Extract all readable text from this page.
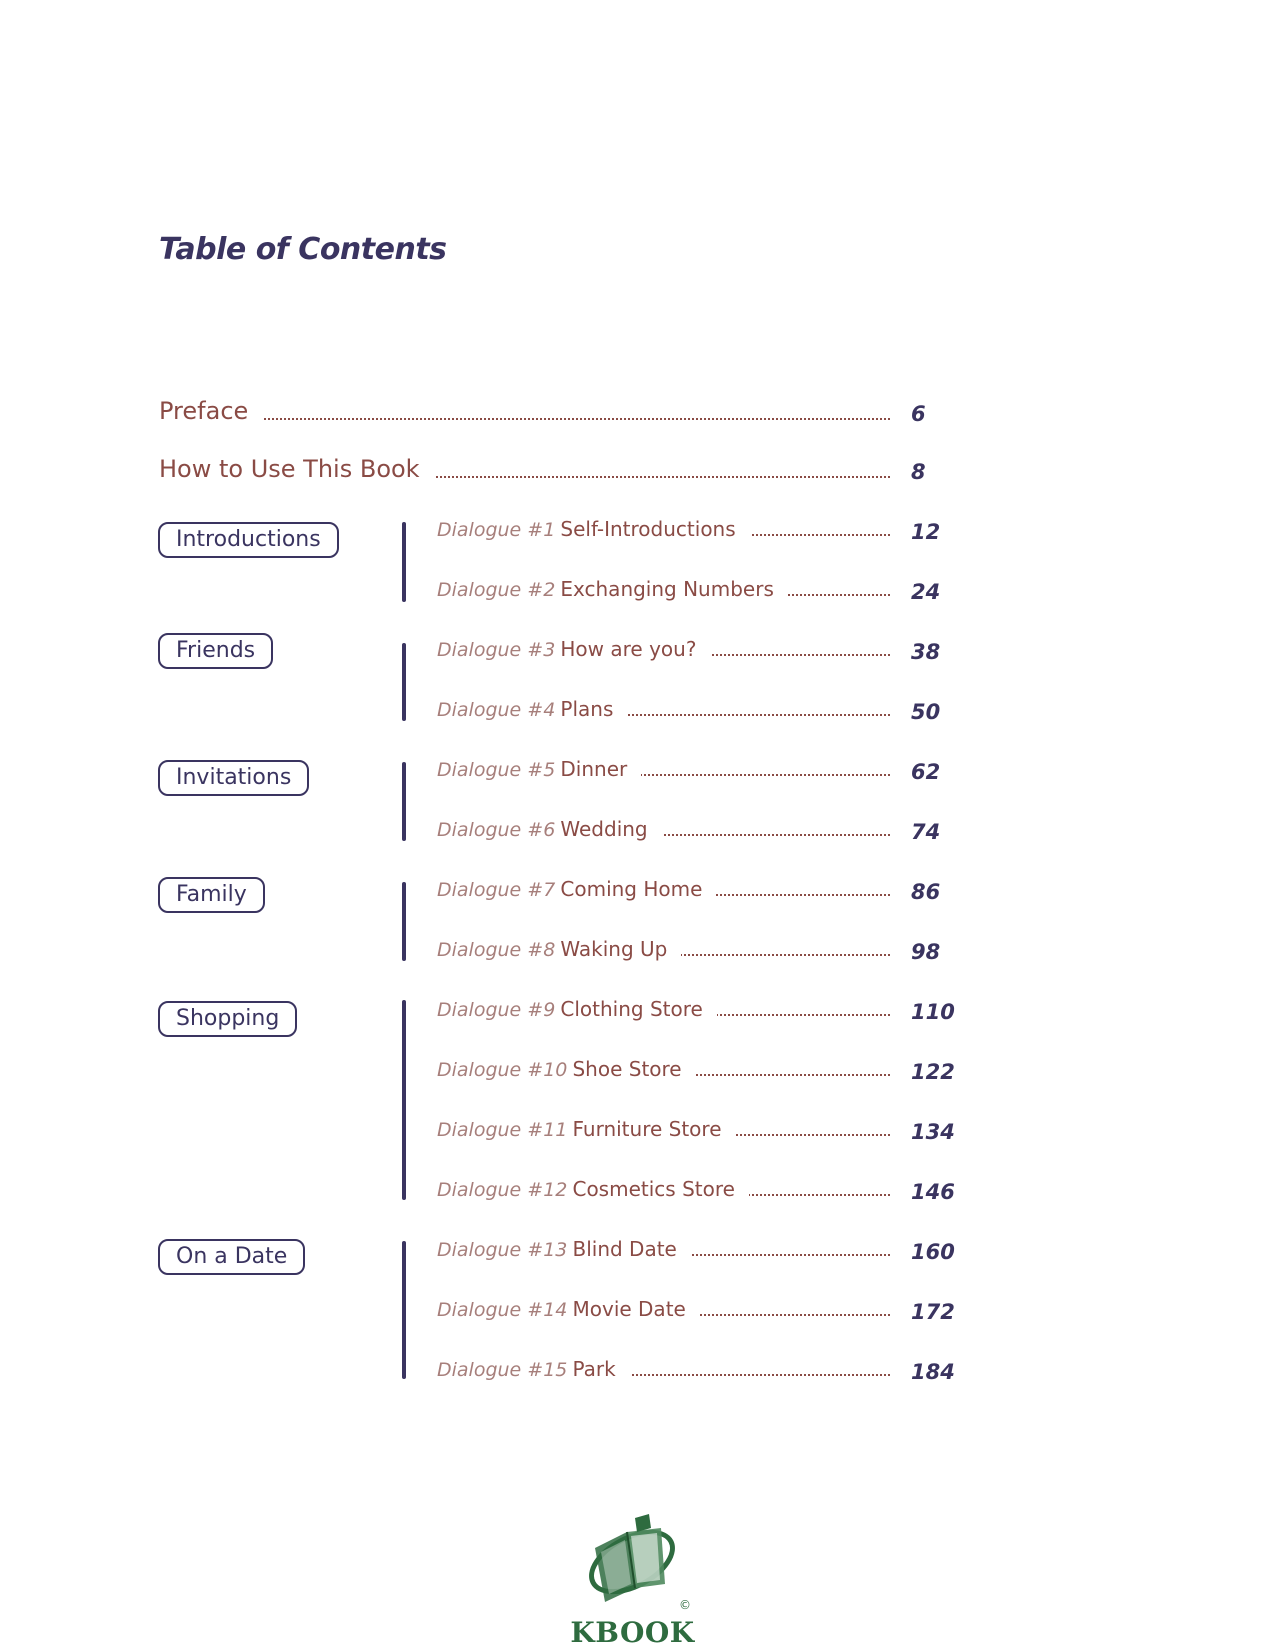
Table of Contents
Preface	6
How to Use This Book	8
Introductions	Dialogue #1 Self-Introductions	12
Dialogue #2 Exchanging Numbers	24
Friends	Dialogue #3 How are you?	38
Dialogue #4 Plans	50
Invitations	Dialogue #5 Dinner	62
Dialogue #6 Wedding	74
Family	Dialogue #7 Coming Home	86
Dialogue #8 Waking Up	98
Shopping	Dialogue #9 Clothing Store	110
Dialogue #10 Shoe Store	122
Dialogue #11 Furniture Store	134
Dialogue #12 Cosmetics Store	146
On a Date	Dialogue #13 Blind Date	160
Dialogue #14 Movie Date	172
Dialogue #15 Park	184
©
KBOOK
